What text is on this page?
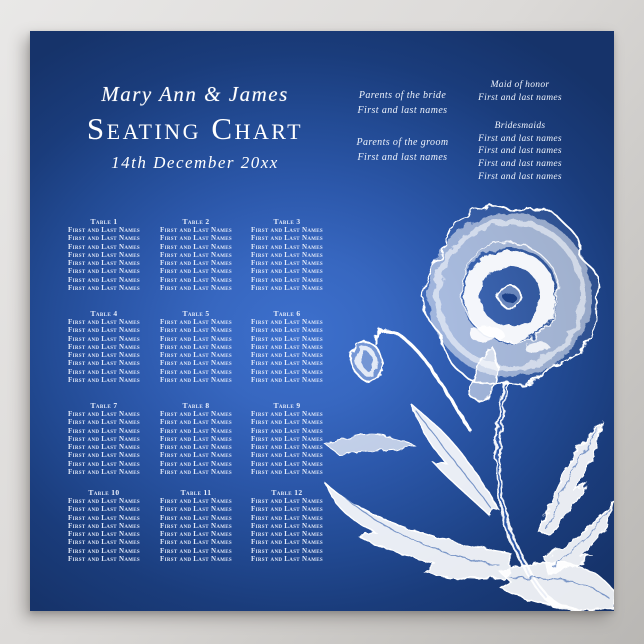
Mary Ann & James
Seating Chart
14th December 20xx
Parents of the bride
First and last names
Parents of the groom
First and last names
Maid of honor
First and last names
Bridesmaids
First and last names
First and last names
First and last names
First and last names
Table 1
First and Last Names
First and Last Names
First and Last Names
First and Last Names
First and Last Names
First and Last Names
First and Last Names
First and Last Names
Table 2
First and Last Names
First and Last Names
First and Last Names
First and Last Names
First and Last Names
First and Last Names
First and Last Names
First and Last Names
Table 3
First and Last Names
First and Last Names
First and Last Names
First and Last Names
First and Last Names
First and Last Names
First and Last Names
First and Last Names
Table 4
First and Last Names
First and Last Names
First and Last Names
First and Last Names
First and Last Names
First and Last Names
First and Last Names
First and Last Names
Table 5
First and Last Names
First and Last Names
First and Last Names
First and Last Names
First and Last Names
First and Last Names
First and Last Names
First and Last Names
Table 6
First and Last Names
First and Last Names
First and Last Names
First and Last Names
First and Last Names
First and Last Names
First and Last Names
First and Last Names
Table 7
First and Last Names
First and Last Names
First and Last Names
First and Last Names
First and Last Names
First and Last Names
First and Last Names
First and Last Names
Table 8
First and Last Names
First and Last Names
First and Last Names
First and Last Names
First and Last Names
First and Last Names
First and Last Names
First and Last Names
Table 9
First and Last Names
First and Last Names
First and Last Names
First and Last Names
First and Last Names
First and Last Names
First and Last Names
First and Last Names
Table 10
First and Last Names
First and Last Names
First and Last Names
First and Last Names
First and Last Names
First and Last Names
First and Last Names
First and Last Names
Table 11
First and Last Names
First and Last Names
First and Last Names
First and Last Names
First and Last Names
First and Last Names
First and Last Names
First and Last Names
Table 12
First and Last Names
First and Last Names
First and Last Names
First and Last Names
First and Last Names
First and Last Names
First and Last Names
First and Last Names
